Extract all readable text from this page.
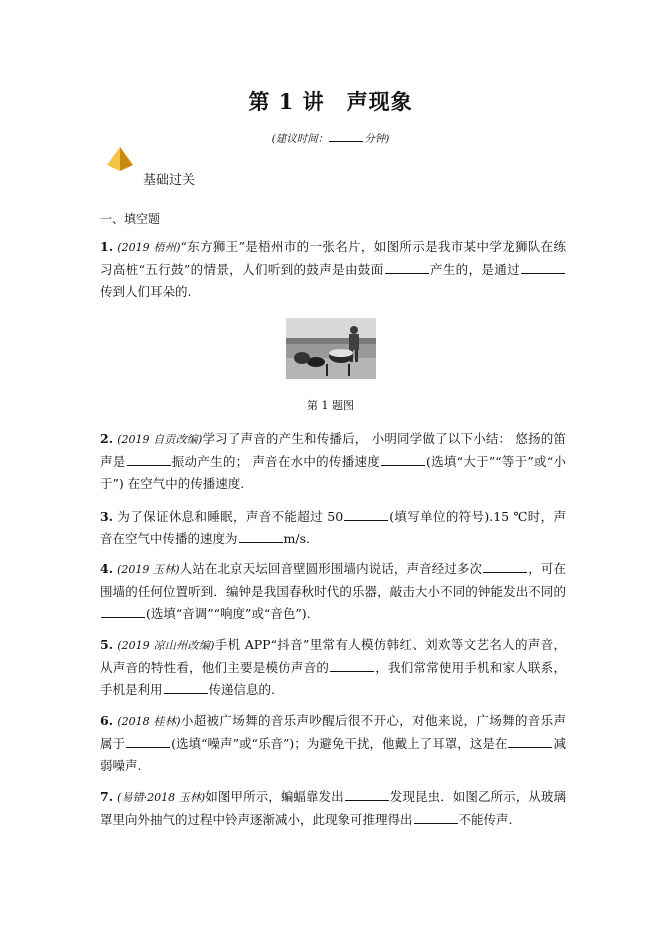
第 1 讲　声现象
(建议时间：	分钟)
基础过关
一、填空题
1. (2019 梧州)“东方狮王”是梧州市的一张名片，如图所示是我市某中学龙狮队在练习高桩“五行鼓”的情景，人们听到的鼓声是由鼓面	产生的，是通过传到人们耳朵的.
第 1 题图
2. (2019 自贡改编)学习了声音的产生和传播后， 小明同学做了以下小结： 悠扬的笛声是	振动产生的； 声音在水中的传播速度	(选填“大于”“等于”或“小于”) 在空气中的传播速度.
3. 为了保证休息和睡眠，声音不能超过 50	(填写单位的符号).15 ℃时，声音在空气中传播的速度为	m/s.
4. (2019 玉林)人站在北京天坛回音壁圆形围墙内说话，声音经过多次	，可在围墙的任何位置听到．编钟是我国春秋时代的乐器，敲击大小不同的钟能发出不同的(选填“音调”“响度”或“音色”).
5. (2019 凉山州改编)手机 APP“抖音”里常有人模仿韩红、刘欢等文艺名人的声音，从声音的特性看，他们主要是模仿声音的	，我们常常使用手机和家人联系，手机是利用	传递信息的.
6. (2018 桂林)小超被广场舞的音乐声吵醒后很不开心，对他来说，广场舞的音乐声属于	(选填“噪声”或“乐音”)；为避免干扰，他戴上了耳罩，这是在	减弱噪声.
7. (易错·2018 玉林)如图甲所示，蝙蝠靠发出	发现昆虫．如图乙所示，从玻璃罩里向外抽气的过程中铃声逐渐减小，此现象可推理得出	不能传声.
